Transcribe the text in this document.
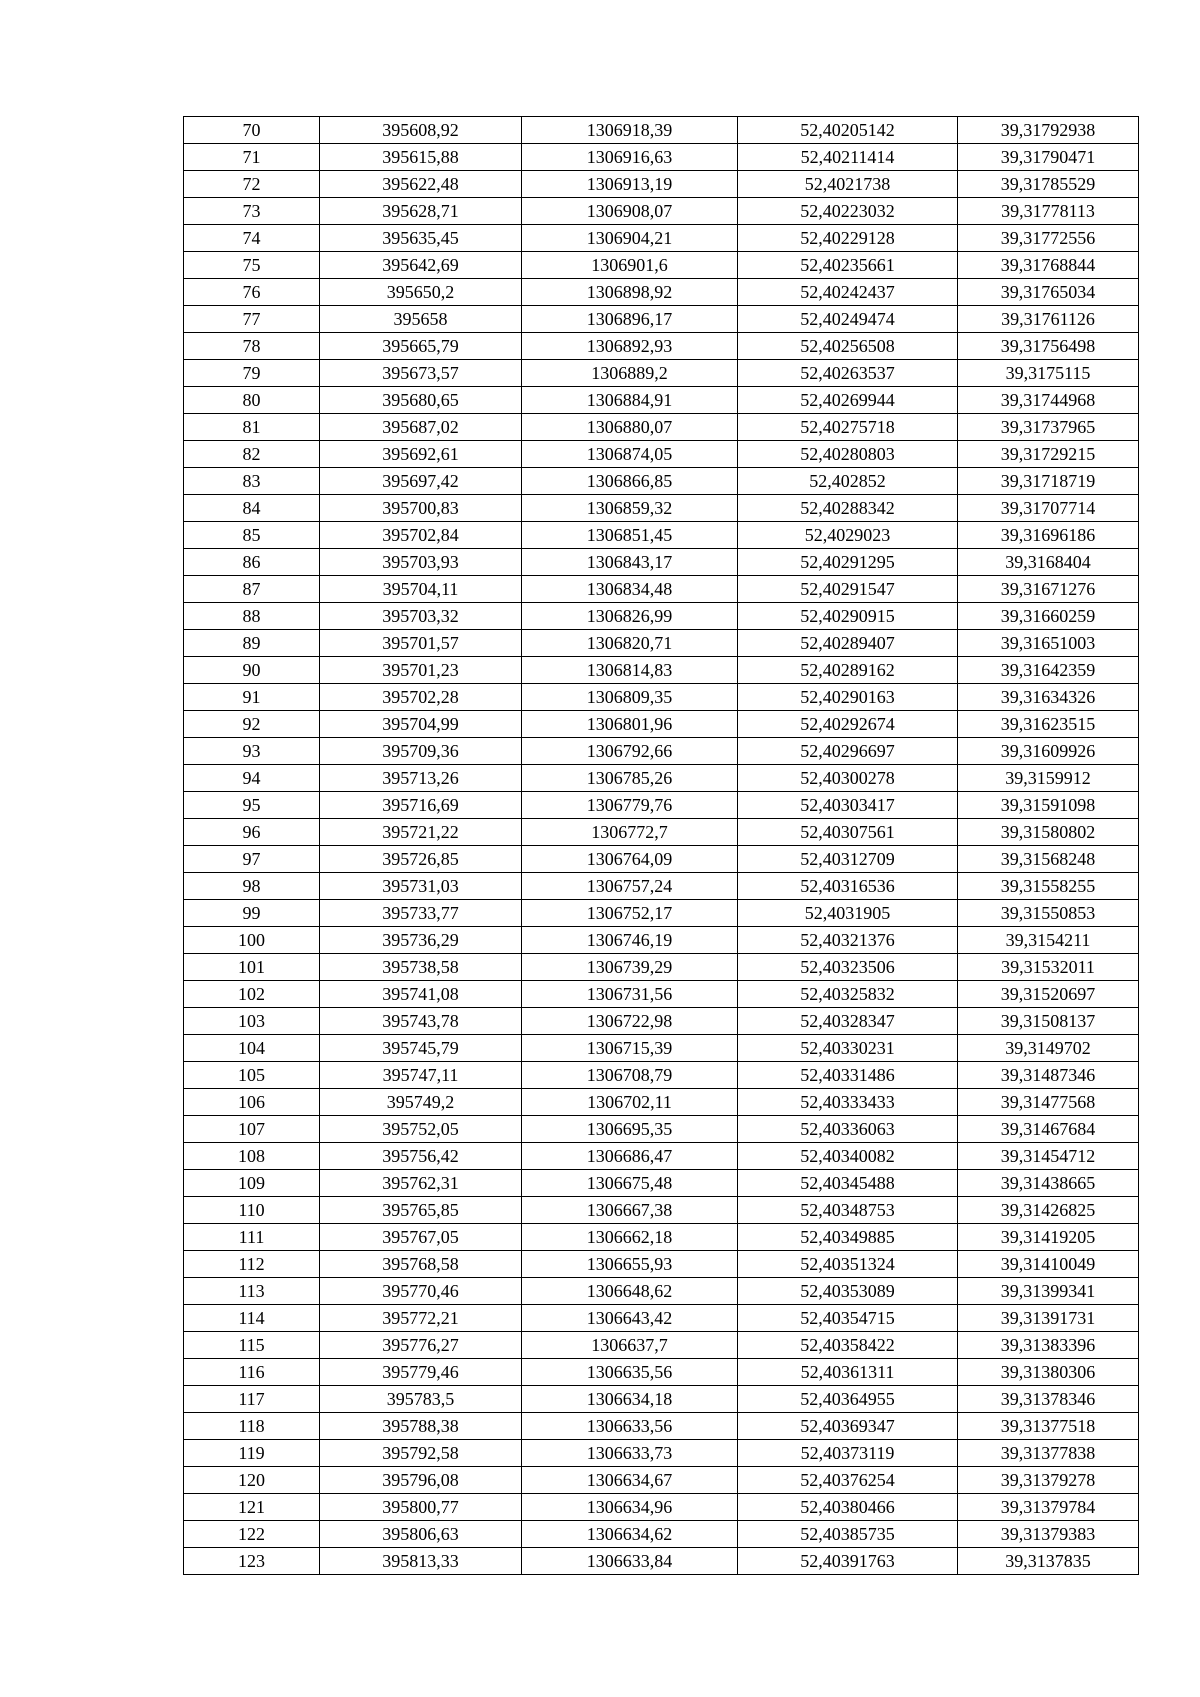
70	395608,92	1306918,39	52,40205142	39,31792938
71	395615,88	1306916,63	52,40211414	39,31790471
72	395622,48	1306913,19	52,4021738	39,31785529
73	395628,71	1306908,07	52,40223032	39,31778113
74	395635,45	1306904,21	52,40229128	39,31772556
75	395642,69	1306901,6	52,40235661	39,31768844
76	395650,2	1306898,92	52,40242437	39,31765034
77	395658	1306896,17	52,40249474	39,31761126
78	395665,79	1306892,93	52,40256508	39,31756498
79	395673,57	1306889,2	52,40263537	39,3175115
80	395680,65	1306884,91	52,40269944	39,31744968
81	395687,02	1306880,07	52,40275718	39,31737965
82	395692,61	1306874,05	52,40280803	39,31729215
83	395697,42	1306866,85	52,402852	39,31718719
84	395700,83	1306859,32	52,40288342	39,31707714
85	395702,84	1306851,45	52,4029023	39,31696186
86	395703,93	1306843,17	52,40291295	39,3168404
87	395704,11	1306834,48	52,40291547	39,31671276
88	395703,32	1306826,99	52,40290915	39,31660259
89	395701,57	1306820,71	52,40289407	39,31651003
90	395701,23	1306814,83	52,40289162	39,31642359
91	395702,28	1306809,35	52,40290163	39,31634326
92	395704,99	1306801,96	52,40292674	39,31623515
93	395709,36	1306792,66	52,40296697	39,31609926
94	395713,26	1306785,26	52,40300278	39,3159912
95	395716,69	1306779,76	52,40303417	39,31591098
96	395721,22	1306772,7	52,40307561	39,31580802
97	395726,85	1306764,09	52,40312709	39,31568248
98	395731,03	1306757,24	52,40316536	39,31558255
99	395733,77	1306752,17	52,4031905	39,31550853
100	395736,29	1306746,19	52,40321376	39,3154211
101	395738,58	1306739,29	52,40323506	39,31532011
102	395741,08	1306731,56	52,40325832	39,31520697
103	395743,78	1306722,98	52,40328347	39,31508137
104	395745,79	1306715,39	52,40330231	39,3149702
105	395747,11	1306708,79	52,40331486	39,31487346
106	395749,2	1306702,11	52,40333433	39,31477568
107	395752,05	1306695,35	52,40336063	39,31467684
108	395756,42	1306686,47	52,40340082	39,31454712
109	395762,31	1306675,48	52,40345488	39,31438665
110	395765,85	1306667,38	52,40348753	39,31426825
111	395767,05	1306662,18	52,40349885	39,31419205
112	395768,58	1306655,93	52,40351324	39,31410049
113	395770,46	1306648,62	52,40353089	39,31399341
114	395772,21	1306643,42	52,40354715	39,31391731
115	395776,27	1306637,7	52,40358422	39,31383396
116	395779,46	1306635,56	52,40361311	39,31380306
117	395783,5	1306634,18	52,40364955	39,31378346
118	395788,38	1306633,56	52,40369347	39,31377518
119	395792,58	1306633,73	52,40373119	39,31377838
120	395796,08	1306634,67	52,40376254	39,31379278
121	395800,77	1306634,96	52,40380466	39,31379784
122	395806,63	1306634,62	52,40385735	39,31379383
123	395813,33	1306633,84	52,40391763	39,3137835
